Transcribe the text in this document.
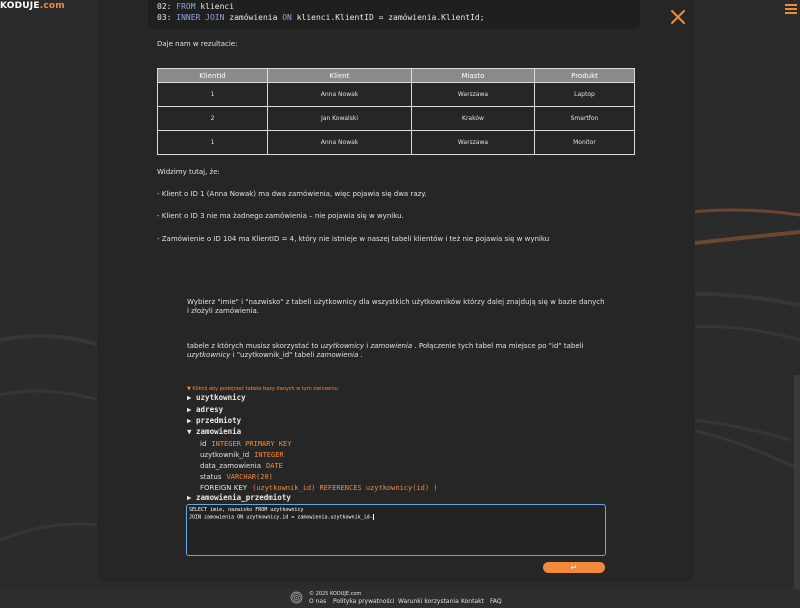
KODUJE.com	02: FROM klienci
03: INNER JOIN zamówienia ON klienci.KlientID = zamówienia.KlientId;
Daje nam w rezultacie:
KlientId	Klient	Miasto	Produkt
1	Anna Nowak	Warszawa	Laptop
2	Jan Kowalski	Kraków	Smartfon
1	Anna Nowak	Warszawa	Monitor
Widzimy tutaj, że:
- Klient o ID 1 (Anna Nowak) ma dwa zamówienia, więc pojawia się dwa razy.
- Klient o ID 3 nie ma żadnego zamówienia – nie pojawia się w wyniku.
- Zamówienie o ID 104 ma KlientID = 4, który nie istnieje w naszej tabeli klientów i też nie pojawia się w wyniku
Wybierz "imie" i "nazwisko" z tabeli użytkownicy dla wszystkich użytkowników którzy dalej znajdują się w bazie danych i złożyli zamówienia.
tabele z których musisz skorzystać to uzytkownicy i zamowienia . Połączenie tych tabel ma miejsce po "id" tabeli uzytkownicy i "uzytkownik_id" tabeli zamowienia .
▼ Kliknij aby podejrzeć tabele bazy danych w tym ćwiczeniu
▶ uzytkownicy
▶ adresy
▶ przedmioty
▼ zamowienia
id INTEGER PRIMARY KEY
uzytkownik_id INTEGER
data_zamowienia DATE
status VARCHAR(20)
FOREIGN KEY (uzytkownik_id) REFERENCES uzytkownicy(id) )
▶ zamowienia_przedmioty
SELECT imie, nazwisko FROM uzytkownicy
JOIN zamowienia ON uzytkownicy.id = zamowienia.uzytkownik_id-
↵
© 2025 KODUJE.com
O nas Polityka prywatności Warunki korzystania Kontakt FAQ
